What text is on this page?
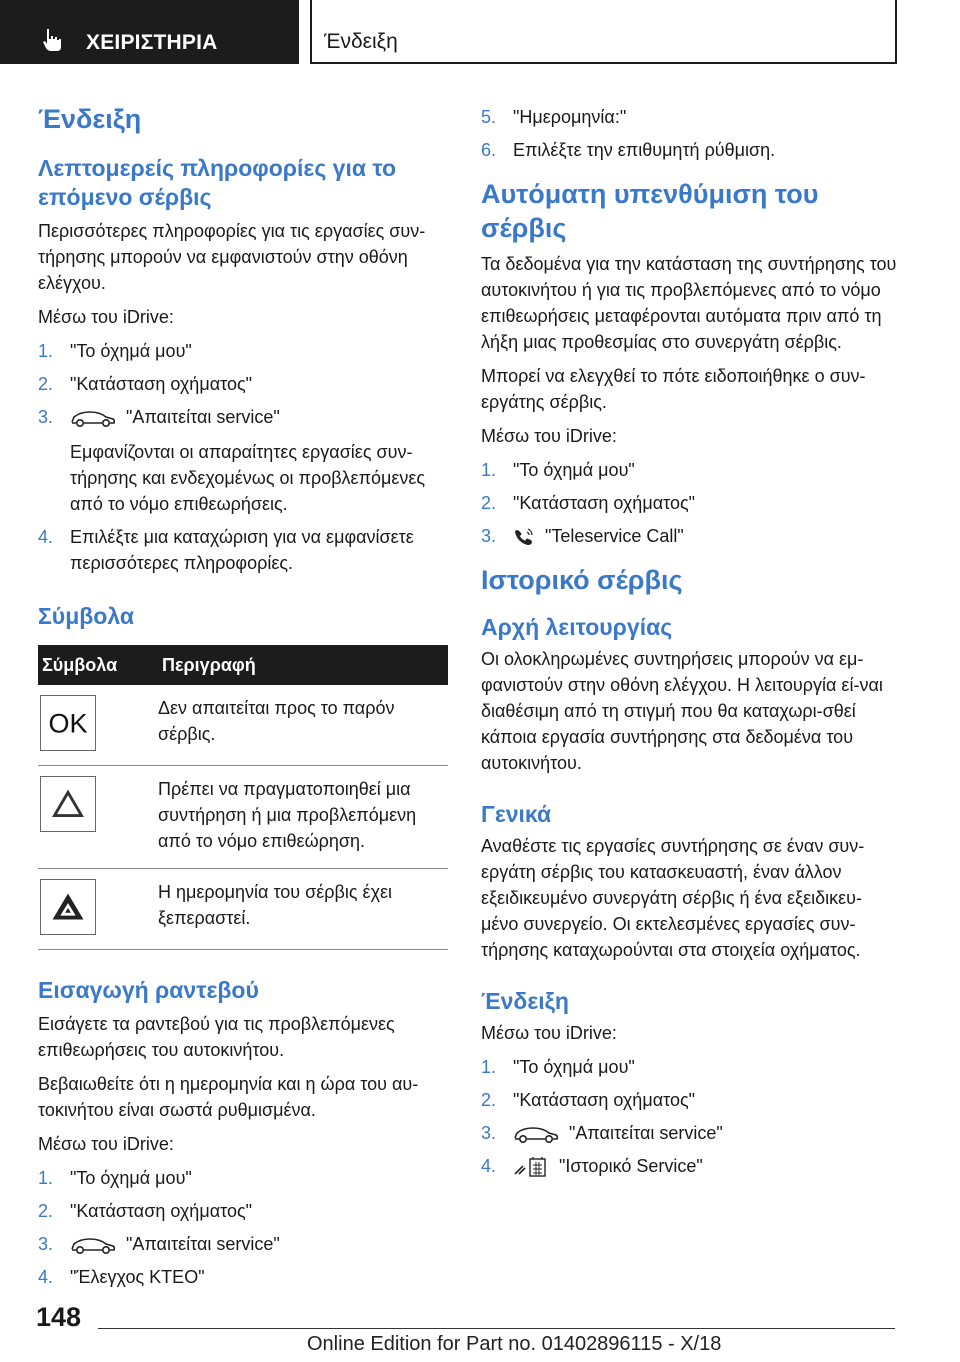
ΧΕΙΡΙΣΤΗΡΙΑ	Ένδειξη
Ένδειξη
Λεπτομερείς πληροφορίες για το επόμενο σέρβις

Περισσότερες πληροφορίες για τις εργασίες συν-τήρησης μπορούν να εμφανιστούν στην οθόνη ελέγχου.

Μέσω του iDrive:

1. "Το όχημά μου"
2. "Κατάσταση οχήματος"
3.	"Απαιτείται service"
Εμφανίζονται οι απαραίτητες εργασίες συν-τήρησης και ενδεχομένως οι προβλεπόμενες από το νόμο επιθεωρήσεις.
4. Επιλέξτε μια καταχώριση για να εμφανίσετε περισσότερες πληροφορίες.
Σύμβολα
Σύμβολα	Περιγραφή

OK	Δεν απαιτείται προς το παρόν σέρβις.

	Πρέπει να πραγματοποιηθεί μια συντήρηση ή μια προβλεπόμενη από το νόμο επιθεώρηση.

	Η ημερομηνία του σέρβις έχει ξεπεραστεί.
Εισαγωγή ραντεβού

Εισάγετε τα ραντεβού για τις προβλεπόμενες επιθεωρήσεις του αυτοκινήτου.

Βεβαιωθείτε ότι η ημερομηνία και η ώρα του αυ-τοκινήτου είναι σωστά ρυθμισμένα.

Μέσω του iDrive:

1. "Το όχημά μου"
2. "Κατάσταση οχήματος"
3.	"Απαιτείται service"
4. "Έλεγχος ΚΤΕΟ"
5. "Ημερομηνία:"
6. Επιλέξτε την επιθυμητή ρύθμιση.
Αυτόματη υπενθύμιση του σέρβις

Τα δεδομένα για την κατάσταση της συντήρησης του αυτοκινήτου ή για τις προβλεπόμενες από το νόμο επιθεωρήσεις μεταφέρονται αυτόματα πριν από τη λήξη μιας προθεσμίας στο συνεργάτη σέρβις.

Μπορεί να ελεγχθεί το πότε ειδοποιήθηκε ο συν-εργάτης σέρβις.

Μέσω του iDrive:

1. "Το όχημά μου"
2. "Κατάσταση οχήματος"
3.	"Teleservice Call"
Ιστορικό σέρβις
Αρχή λειτουργίας

Οι ολοκληρωμένες συντηρήσεις μπορούν να εμ-φανιστούν στην οθόνη ελέγχου. Η λειτουργία εί-ναι διαθέσιμη από τη στιγμή που θα καταχωρι-σθεί κάποια εργασία συντήρησης στα δεδομένα του αυτοκινήτου.

Γενικά

Αναθέστε τις εργασίες συντήρησης σε έναν συν-εργάτη σέρβις του κατασκευαστή, έναν άλλον εξειδικευμένο συνεργάτη σέρβις ή ένα εξειδικευ-μένο συνεργείο. Οι εκτελεσμένες εργασίες συν-τήρησης καταχωρούνται στα στοιχεία οχήματος.

Ένδειξη

Μέσω του iDrive:

1. "Το όχημά μου"
2. "Κατάσταση οχήματος"
3.	"Απαιτείται service"
4.	"Ιστορικό Service"
148
Online Edition for Part no. 01402896115 - X/18
